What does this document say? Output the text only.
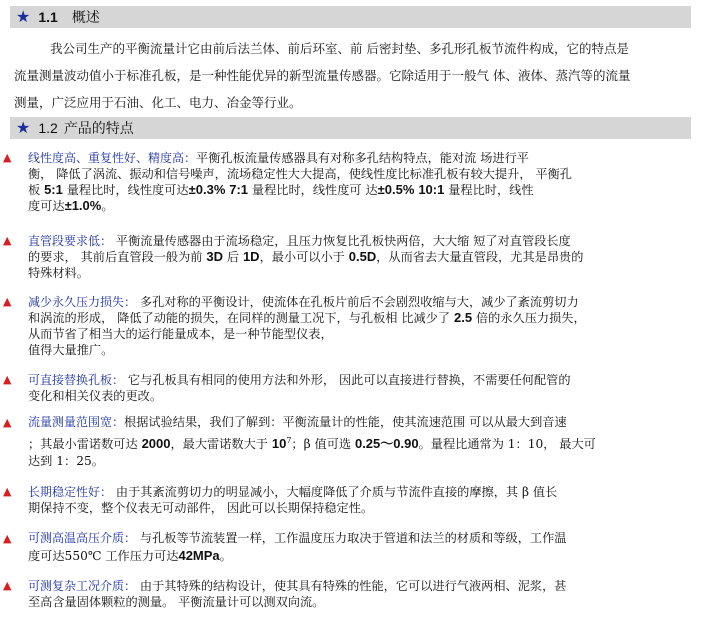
★ 1.1 概述
我公司生产的平衡流量计它由前后法兰体、前后环室、前 后密封垫、多孔形孔板节流件构成，它的特点是
流量测量波动值小于标准孔板，是一种性能优异的新型流量传感器。它除适用于一般气 体、液体、蒸汽等的流量
测量，广泛应用于石油、化工、电力、冶金等行业。
★ 1.2 产品的特点
▲ 线性度高、重复性好、精度高：平衡孔板流量传感器具有对称多孔结构特点，能对流 场进行平
衡， 降低了涡流、振动和信号噪声，流场稳定性大大提高，使线性度比标准孔板有较大提升， 平衡孔
板 5:1 量程比时，线性度可达±0.3% 7:1 量程比时，线性度可 达±0.5% 10:1 量程比时，线性
度可达±1.0%。
▲ 直管段要求低： 平衡流量传感器由于流场稳定，且压力恢复比孔板快两倍，大大缩 短了对直管段长度
的要求， 其前后直管段一般为前 3D 后 1D，最小可以小于 0.5D，从而省去大量直管段，尤其是昂贵的
特殊材料。
▲ 减少永久压力损失： 多孔对称的平衡设计，使流体在孔板片前后不会剧烈收缩与大，减少了紊流剪切力
和涡流的形成， 降低了动能的损失，在同样的测量工况下，与孔板相 比减少了 2.5 倍的永久压力损失，
从而节省了相当大的运行能量成本，是一种节能型仪表，
值得大量推广。
▲ 可直接替换孔板： 它与孔板具有相同的使用方法和外形， 因此可以直接进行替换，不需要任何配管的
变化和相关仪表的更改。
▲ 流量测量范围宽：根据试验结果，我们了解到：平衡流量计的性能，使其流速范围 可以从最大到音速
；其最小雷诺数可达 2000，最大雷诺数大于 $10^7$；β 值可选 0.25～0.90。量程比通常为 1：10， 最大可
达到 1：25。
▲ 长期稳定性好： 由于其紊流剪切力的明显减小，大幅度降低了介质与节流件直接的摩擦，其 β 值长
期保持不变，整个仪表无可动部件， 因此可以长期保持稳定性。
▲ 可测高温高压介质： 与孔板等节流装置一样，工作温度压力取决于管道和法兰的材质和等级，工作温
度可达550℃ 工作压力可达42MPa。
▲ 可测复杂工况介质： 由于其特殊的结构设计，使其具有特殊的性能，它可以进行气液两相、泥浆，甚
至高含量固体颗粒的测量。 平衡流量计可以测双向流。
